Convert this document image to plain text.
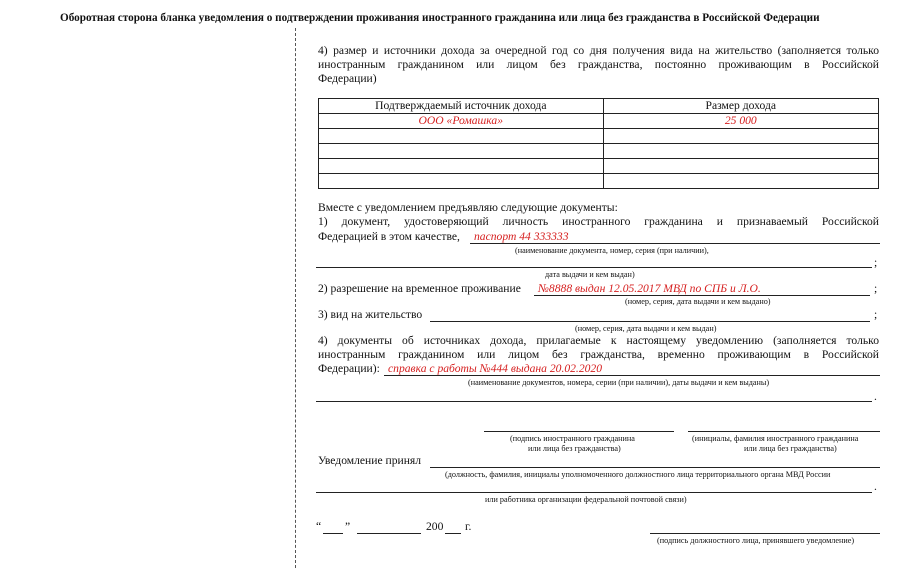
Оборотная сторона бланка уведомления о подтверждении проживания иностранного гражданина или лица без гражданства в Российской Федерации
4) размер и источники дохода за очередной год со дня получения вида на жительство (заполняется только
иностранным гражданином или лицом без гражданства, постоянно проживающим в Российской
Федерации)
Подтверждаемый источник дохода	Размер дохода
ООО «Ромашка»	25 000

Вместе с уведомлением предъявляю следующие документы:
1) документ, удостоверяющий личность иностранного гражданина и признаваемый Российской
Федерацией в этом качестве, паспорт 44 333333
(наименование документа, номер, серия (при наличии),
;
дата выдачи и кем выдан)
2) разрешение на временное проживание №8888 выдан 12.05.2017 МВД по СПБ и Л.О.	;
(номер, серия, дата выдачи и кем выдано)
3) вид на жительство	;
(номер, серия, дата выдачи и кем выдан)
4) документы об источниках дохода, прилагаемые к настоящему уведомлению (заполняется только
иностранным гражданином или лицом без гражданства, временно проживающим в Российской
Федерации): справка с работы №444 выдана 20.02.2020
(наименование документов, номера, серии (при наличии), даты выдачи и кем выданы)
.
(подпись иностранного гражданина
или лица без гражданства)
(инициалы, фамилия иностранного гражданина
или лица без гражданства)
Уведомление принял
(должность, фамилия, инициалы уполномоченного должностного лица территориального органа МВД России
.
или работника организации федеральной почтовой связи)
“ ”	200 г.
(подпись должностного лица, принявшего уведомление)
